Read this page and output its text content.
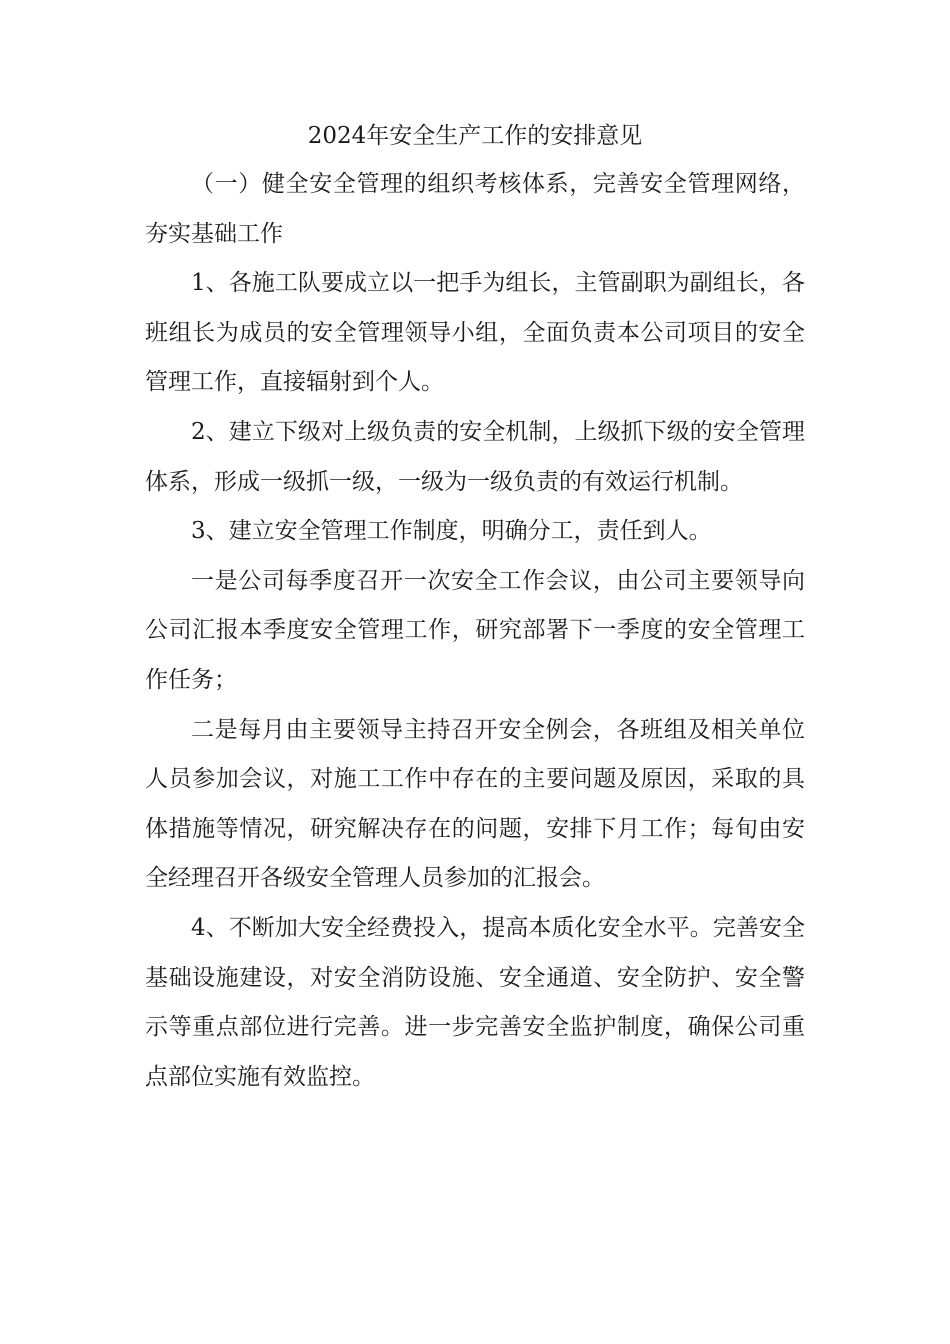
2024年安全生产工作的安排意见

（一）健全安全管理的组织考核体系，完善安全管理网络，夯实基础工作

1、各施工队要成立以一把手为组长，主管副职为副组长，各班组长为成员的安全管理领导小组，全面负责本公司项目的安全管理工作，直接辐射到个人。

2、建立下级对上级负责的安全机制，上级抓下级的安全管理体系，形成一级抓一级，一级为一级负责的有效运行机制。

3、建立安全管理工作制度，明确分工，责任到人。

一是公司每季度召开一次安全工作会议，由公司主要领导向公司汇报本季度安全管理工作，研究部署下一季度的安全管理工作任务；

二是每月由主要领导主持召开安全例会，各班组及相关单位人员参加会议，对施工工作中存在的主要问题及原因，采取的具体措施等情况，研究解决存在的问题，安排下月工作；每旬由安全经理召开各级安全管理人员参加的汇报会。

4、不断加大安全经费投入，提高本质化安全水平。完善安全基础设施建设，对安全消防设施、安全通道、安全防护、安全警示等重点部位进行完善。进一步完善安全监护制度，确保公司重点部位实施有效监控。
